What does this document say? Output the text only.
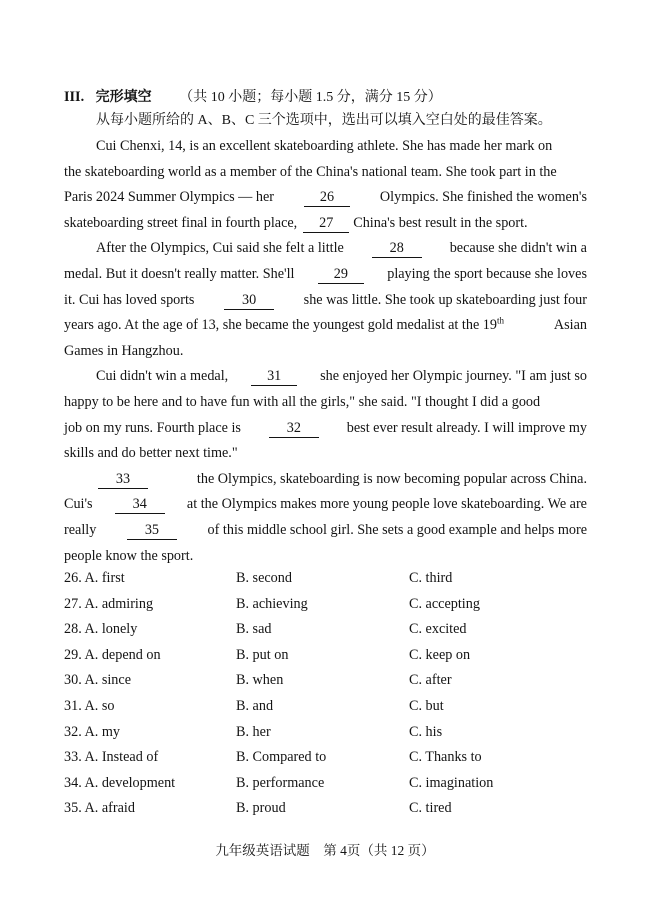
III. 完形填空 （共 10 小题；每小题 1.5 分，满分 15 分）
从每小题所给的 A、B、C 三个选项中，选出可以填入空白处的最佳答案。
Cui Chenxi, 14, is an excellent skateboarding athlete. She has made her mark on
the skateboarding world as a member of the China's national team. She took part in the
Paris 2024 Summer Olympics — her	26	Olympics. She finished the women's
skateboarding street final in fourth place,	27	China's best result in the sport.
After the Olympics, Cui said she felt a little	28	because she didn't win a
medal. But it doesn't really matter. She'll	29	playing the sport because she loves
it. Cui has loved sports	30	she was little. She took up skateboarding just four
years ago. At the age of 13, she became the youngest gold medalist at the 19th	Asian
Games in Hangzhou.
Cui didn't win a medal,	31	she enjoyed her Olympic journey. "I am just so
happy to be here and to have fun with all the girls," she said. "I thought I did a good
job on my runs. Fourth place is	32	best ever result already. I will improve my
skills and do better next time."
33	the Olympics, skateboarding is now becoming popular across China.
Cui's	34	at the Olympics makes more young people love skateboarding. We are
really	35	of this middle school girl. She sets a good example and helps more
people know the sport.
26. A. first	B. second	C. third
27. A. admiring	B. achieving	C. accepting
28. A. lonely	B. sad	C. excited
29. A. depend on	B. put on	C. keep on
30. A. since	B. when	C. after
31. A. so	B. and	C. but
32. A. my	B. her	C. his
33. A. Instead of	B. Compared to	C. Thanks to
34. A. development	B. performance	C. imagination
35. A. afraid	B. proud	C. tired
九年级英语试题　第 4页（共 12 页）
